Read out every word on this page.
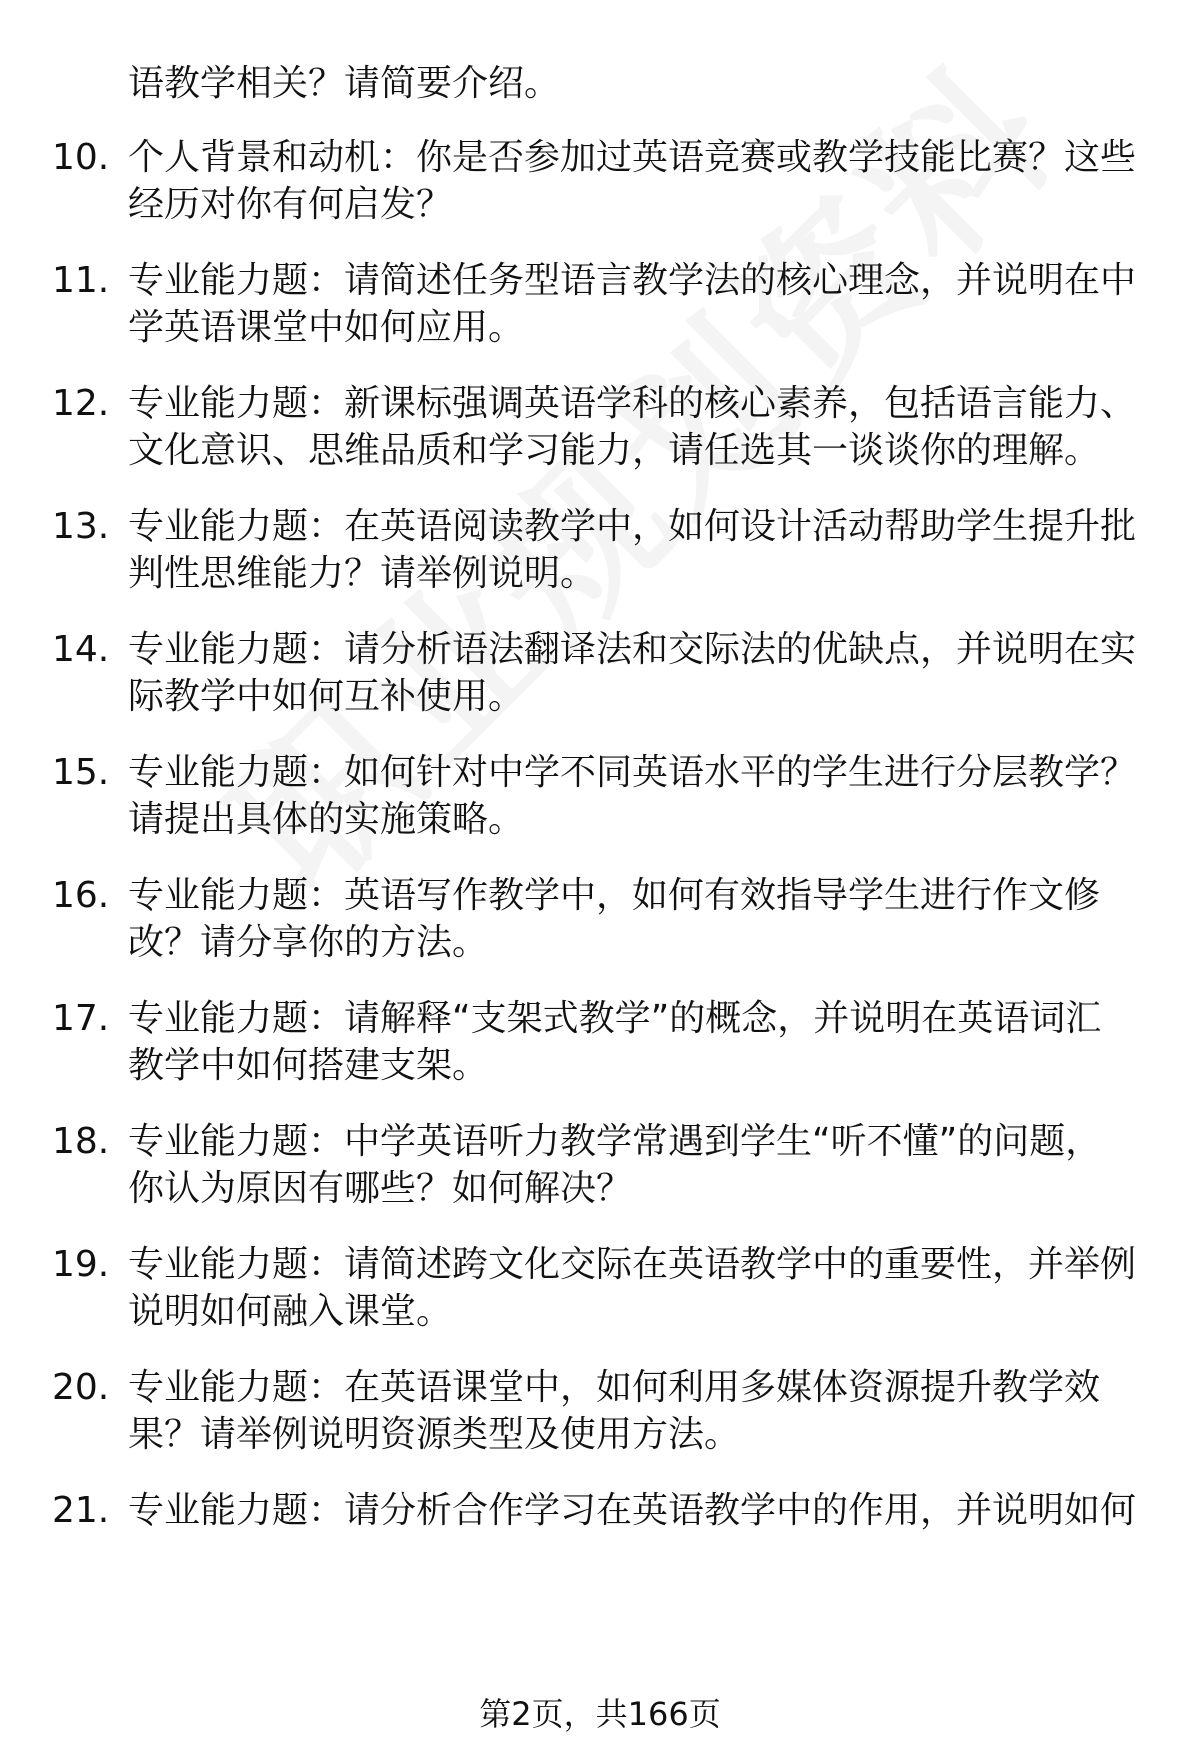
语教学相关？请简要介绍。
10. 个人背景和动机：你是否参加过英语竞赛或教学技能比赛？这些
经历对你有何启发？
11. 专业能力题：请简述任务型语言教学法的核心理念，并说明在中
学英语课堂中如何应用。
12. 专业能力题：新课标强调英语学科的核心素养，包括语言能力、
文化意识、思维品质和学习能力，请任选其一谈谈你的理解。
13. 专业能力题：在英语阅读教学中，如何设计活动帮助学生提升批
判性思维能力？请举例说明。
14. 专业能力题：请分析语法翻译法和交际法的优缺点，并说明在实
际教学中如何互补使用。
15. 专业能力题：如何针对中学不同英语水平的学生进行分层教学？
请提出具体的实施策略。
16. 专业能力题：英语写作教学中，如何有效指导学生进行作文修
改？请分享你的方法。
17. 专业能力题：请解释“支架式教学”的概念，并说明在英语词汇
教学中如何搭建支架。
18. 专业能力题：中学英语听力教学常遇到学生“听不懂”的问题，
你认为原因有哪些？如何解决？
19. 专业能力题：请简述跨文化交际在英语教学中的重要性，并举例
说明如何融入课堂。
20. 专业能力题：在英语课堂中，如何利用多媒体资源提升教学效
果？请举例说明资源类型及使用方法。
21. 专业能力题：请分析合作学习在英语教学中的作用，并说明如何
第2页，共166页
